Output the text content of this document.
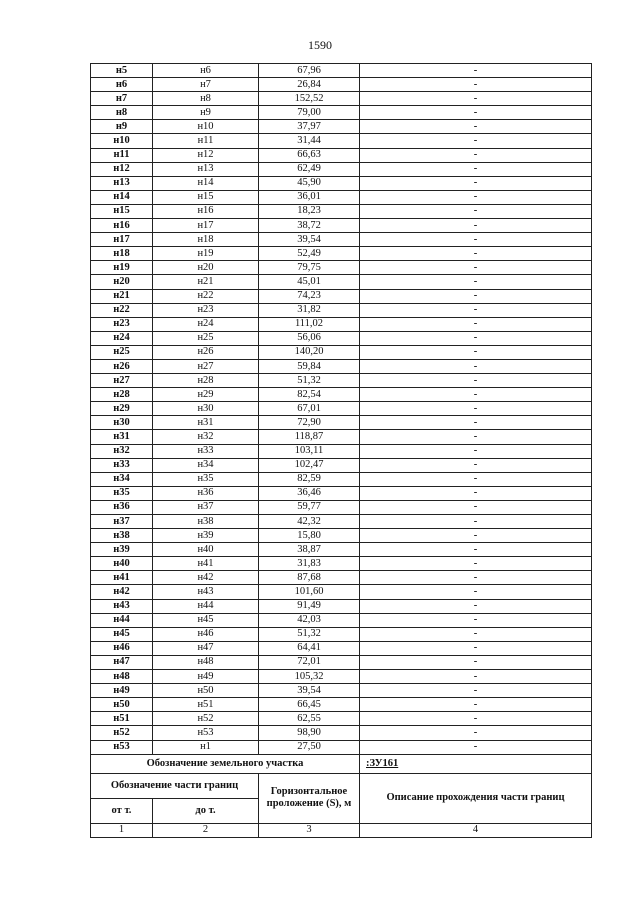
1590
н5	н6	67,96	-
н6	н7	26,84	-
н7	н8	152,52	-
н8	н9	79,00	-
н9	н10	37,97	-
н10	н11	31,44	-
н11	н12	66,63	-
н12	н13	62,49	-
н13	н14	45,90	-
н14	н15	36,01	-
н15	н16	18,23	-
н16	н17	38,72	-
н17	н18	39,54	-
н18	н19	52,49	-
н19	н20	79,75	-
н20	н21	45,01	-
н21	н22	74,23	-
н22	н23	31,82	-
н23	н24	111,02	-
н24	н25	56,06	-
н25	н26	140,20	-
н26	н27	59,84	-
н27	н28	51,32	-
н28	н29	82,54	-
н29	н30	67,01	-
н30	н31	72,90	-
н31	н32	118,87	-
н32	н33	103,11	-
н33	н34	102,47	-
н34	н35	82,59	-
н35	н36	36,46	-
н36	н37	59,77	-
н37	н38	42,32	-
н38	н39	15,80	-
н39	н40	38,87	-
н40	н41	31,83	-
н41	н42	87,68	-
н42	н43	101,60	-
н43	н44	91,49	-
н44	н45	42,03	-
н45	н46	51,32	-
н46	н47	64,41	-
н47	н48	72,01	-
н48	н49	105,32	-
н49	н50	39,54	-
н50	н51	66,45	-
н51	н52	62,55	-
н52	н53	98,90	-
н53	н1	27,50	-
Обозначение земельного участка			:ЗУ161
Обозначение части границ		Горизонтальное проложение (S), м	Описание прохождения части границ
от т.	до т.		
1	2	3	4
